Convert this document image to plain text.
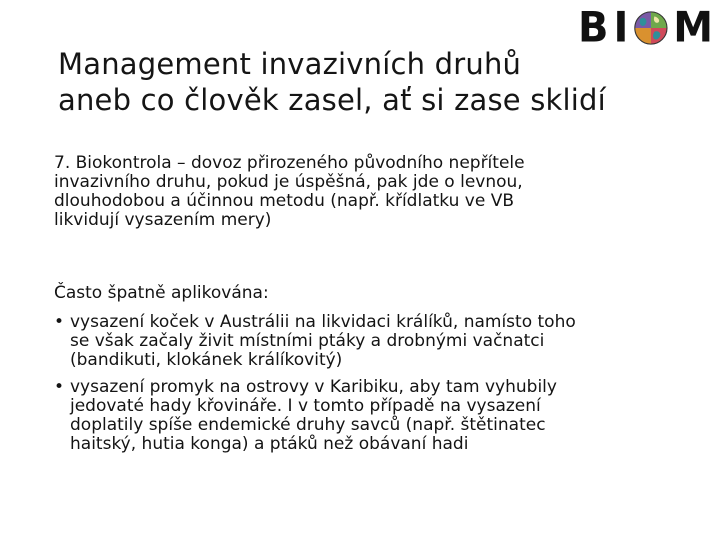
B I M
Management invazivních druhů
aneb co člověk zasel, ať si zase sklidí
7. Biokontrola – dovoz přirozeného původního nepřítele
invazivního druhu, pokud je úspěšná, pak jde o levnou,
dlouhodobou a účinnou metodu (např. křídlatku ve VB
likvidují vysazením mery)
Často špatně aplikována:
• vysazení koček v Austrálii na likvidaci králíků, namísto toho
se však začaly živit místními ptáky a drobnými vačnatci
(bandikuti, klokánek králíkovitý)
• vysazení promyk na ostrovy v Karibiku, aby tam vyhubily
jedovaté hady křovináře. I v tomto případě na vysazení
doplatily spíše endemické druhy savců (např. štětinatec
haitský, hutia konga) a ptáků než obávaní hadi
